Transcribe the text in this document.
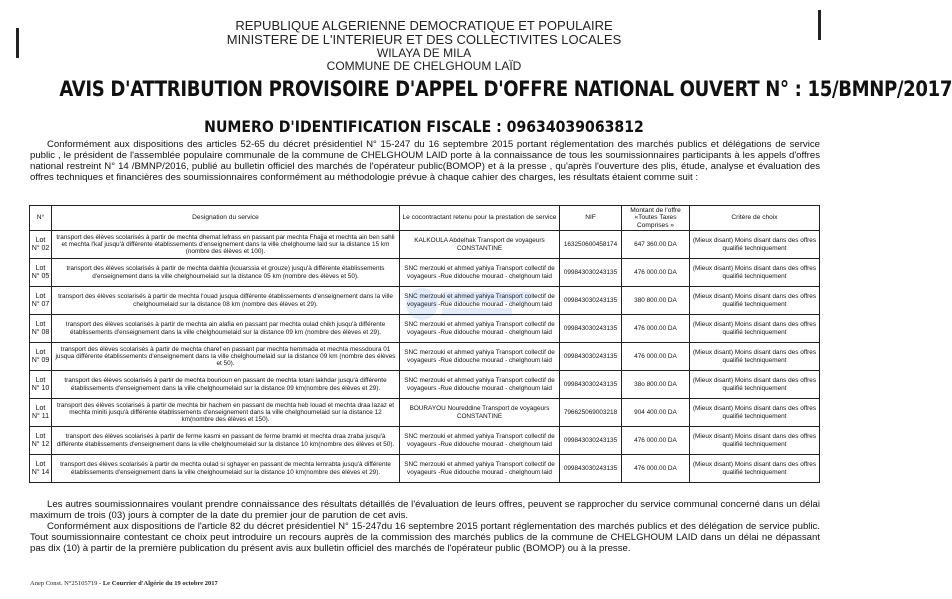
REPUBLIQUE ALGERIENNE DEMOCRATIQUE ET POPULAIRE
MINISTERE DE L'INTERIEUR ET DES COLLECTIVITES LOCALES
WILAYA DE MILA
COMMUNE DE CHELGHOUM LAÏD
AVIS D'ATTRIBUTION PROVISOIRE D'APPEL D'OFFRE NATIONAL OUVERT N° : 15/BMNP/2017
NUMERO D'IDENTIFICATION FISCALE : 09634039063812
Conformément aux dispositions des articles 52-65 du décret présidentiel N° 15-247 du 16 septembre 2015 portant réglementation des marchés publics et délégations de service public , le président de l'assemblée populaire communale de la commune de CHELGHOUM LAID porte à la connaissance de tous les soumissionnaires participants à les appels d'offres national restreint N° 14 /BMNP/2016, publié au bulletin officiel des marchés de l'opérateur public(BOMOP) et à la presse , qu'après l'ouverture des plis, étude, analyse et évaluation des offres techniques et financières des soumissionnaires conformément au méthodologie prévue à chaque cahier des charges, les résultats étaient comme suit :
N°	Designation du service	Le cocontractant retenu pour la prestation de service	NIF	Montant de l'offre «Toutes Taxes Comprises »	Critère de choix
Lot N° 02	transport des élèves scolarisés à partir de mechta dhemat lefrass en passant par mechta Fhajja et mechta ain ben sahli et mechta l'kaf jusqu'à différente établissements d'enseignement dans la ville chelghoume laid sur la distance 15 km (nombre des élèves et 100).	KALKOULA Abdelhak Transport de voyageurs CONSTANTINE	163250600458174	647 360.00 DA	(Mieux disant) Moins disant dans des offres qualifié techniquement
Lot N° 05	transport des élèves scolarisés à partir de mechta dakhla (kouarssia et grouze) jusqu'à différente établissements d'enseignement dans la ville chelghoumelaid sur la distance 05 km (nombre des élèves et 50).	SNC merzouki et ahmed yahiya Transport collectif de voyageurs -Rue didouche mourad - chelghoum laid	099843030243135	476 000.00 DA	(Mieux disant) Moins disant dans des offres qualifié techniquement
Lot N° 07	transport des élèves scolarisés à partir de mechta l'ouad jusqua différente établissements d'enseignement dans la ville chelghoumelaid sur la distance 08 km (nombre des élèves et 29).	SNC merzouki et ahmed yahiya Transport collectif de voyageurs -Rue didouche mourad - chelghoum laid	099843030243135	380 800.00 DA	(Mieux disant) Moins disant dans des offres qualifié techniquement
Lot N° 08	transport des élèves scolarisés à partir de mechta ain alafia en passant par mechta oulad chikh jusqu'à différente établissements d'enseignement dans la ville chelghoumelaid sur la distance 09 km (nombre des élèves et 29).	SNC merzouki et ahmed yahiya Transport collectif de voyageurs -Rue didouche mourad - chelghoum laid	099843030243135	476 000.00 DA	(Mieux disant) Moins disant dans des offres qualifié techniquement
Lot N° 09	transport des élèves scolarisés à partir de mechta charef en passant par mechta hemmada et mechta messdoura 01 jusqua différente établissements d'enseignement dans la ville chelghoumelaid sur la distance 09 km (nombre des élèves et 50).	SNC merzouki et ahmed yahiya Transport collectif de voyageurs -Rue didouche mourad - chelghoum laid	099843030243135	476 000.00 DA	(Mieux disant) Moins disant dans des offres qualifié techniquement
Lot N° 10	transport des élèves scolarisés à partir de mechta bourioun en passant de mechta lotani lakhdar jusqu'à différente établissements d'enseignement dans la ville chelghoumelaid sur la distance 09 km(nombre des élèves et 29).	SNC merzouki et ahmed yahiya Transport collectif de voyageurs -Rue didouche mourad - chelghoum laid	099843030243135	38o 800.00 DA	(Mieux disant) Moins disant dans des offres qualifié techniquement
Lot N° 11	transport des élèves scolarisés à partir de mechta bir hachem en passant de mechta heb louad et mechta draa lazaz et mechta miniti jusqu'à différente établissements d'enseignement dans la ville chelghoumelaid sur la distance 12 km(nombre des élèves et 150).	BOURAYOU Noureddine Transport de voyageurs CONSTANTINE	796625069003218	904 400.00 DA	(Mieux disant) Moins disant dans des offres qualifié techniquement
Lot N° 12	transport des élèves scolarisés à partir de ferme kasmi en passant de ferme bramki et mechta draa zraba jusqu'à différente établissements d'enseignement dans la ville chelghoumelaid sur la distance 10 km(nombre des élèves et 50).	SNC merzouki et ahmed yahiya Transport collectif de voyageurs -Rue didouche mourad - chelghoum laid	099843030243135	476 000.00 DA	(Mieux disant) Moins disant dans des offres qualifié techniquement
Lot N° 14	transport des élèves scolarisés à partir de mechta oulad si sghayer en passant de mechta lemrabta jusqu'à différente établissements d'enseignement dans la ville chelghoumelaid sur la distance 10 km(nombre des élèves et 29).	SNC merzouki et ahmed yahiya Transport collectif de voyageurs -Rue didouche mourad - chelghoum laid	099843030243135	476 000.00 DA	(Mieux disant) Moins disant dans des offres qualifié techniquement
Les autres soumissionnaires voulant prendre connaissance des résultats détaillés de l'évaluation de leurs offres, peuvent se rapprocher du service communal concerné dans un délai maximum de trois (03) jours à compter de la date du premier jour de parution de cet avis.
Conformément aux dispositions de l'article 82 du décret présidentiel N° 15-247du 16 septembre 2015 portant réglementation des marchés publics et des délégation de service public. Tout soumissionnaire contestant ce choix peut introduire un recours auprès de la commission des marchés publics de la commune de CHELGHOUM LAID dans un délai ne dépassant pas dix (10) à partir de la première publication du présent avis aux bulletin officiel des marchés de l'opérateur public (BOMOP) ou à la presse.
Anep Const. N°25105719 - Le Courrier d'Algérie du 19 octobre 2017
